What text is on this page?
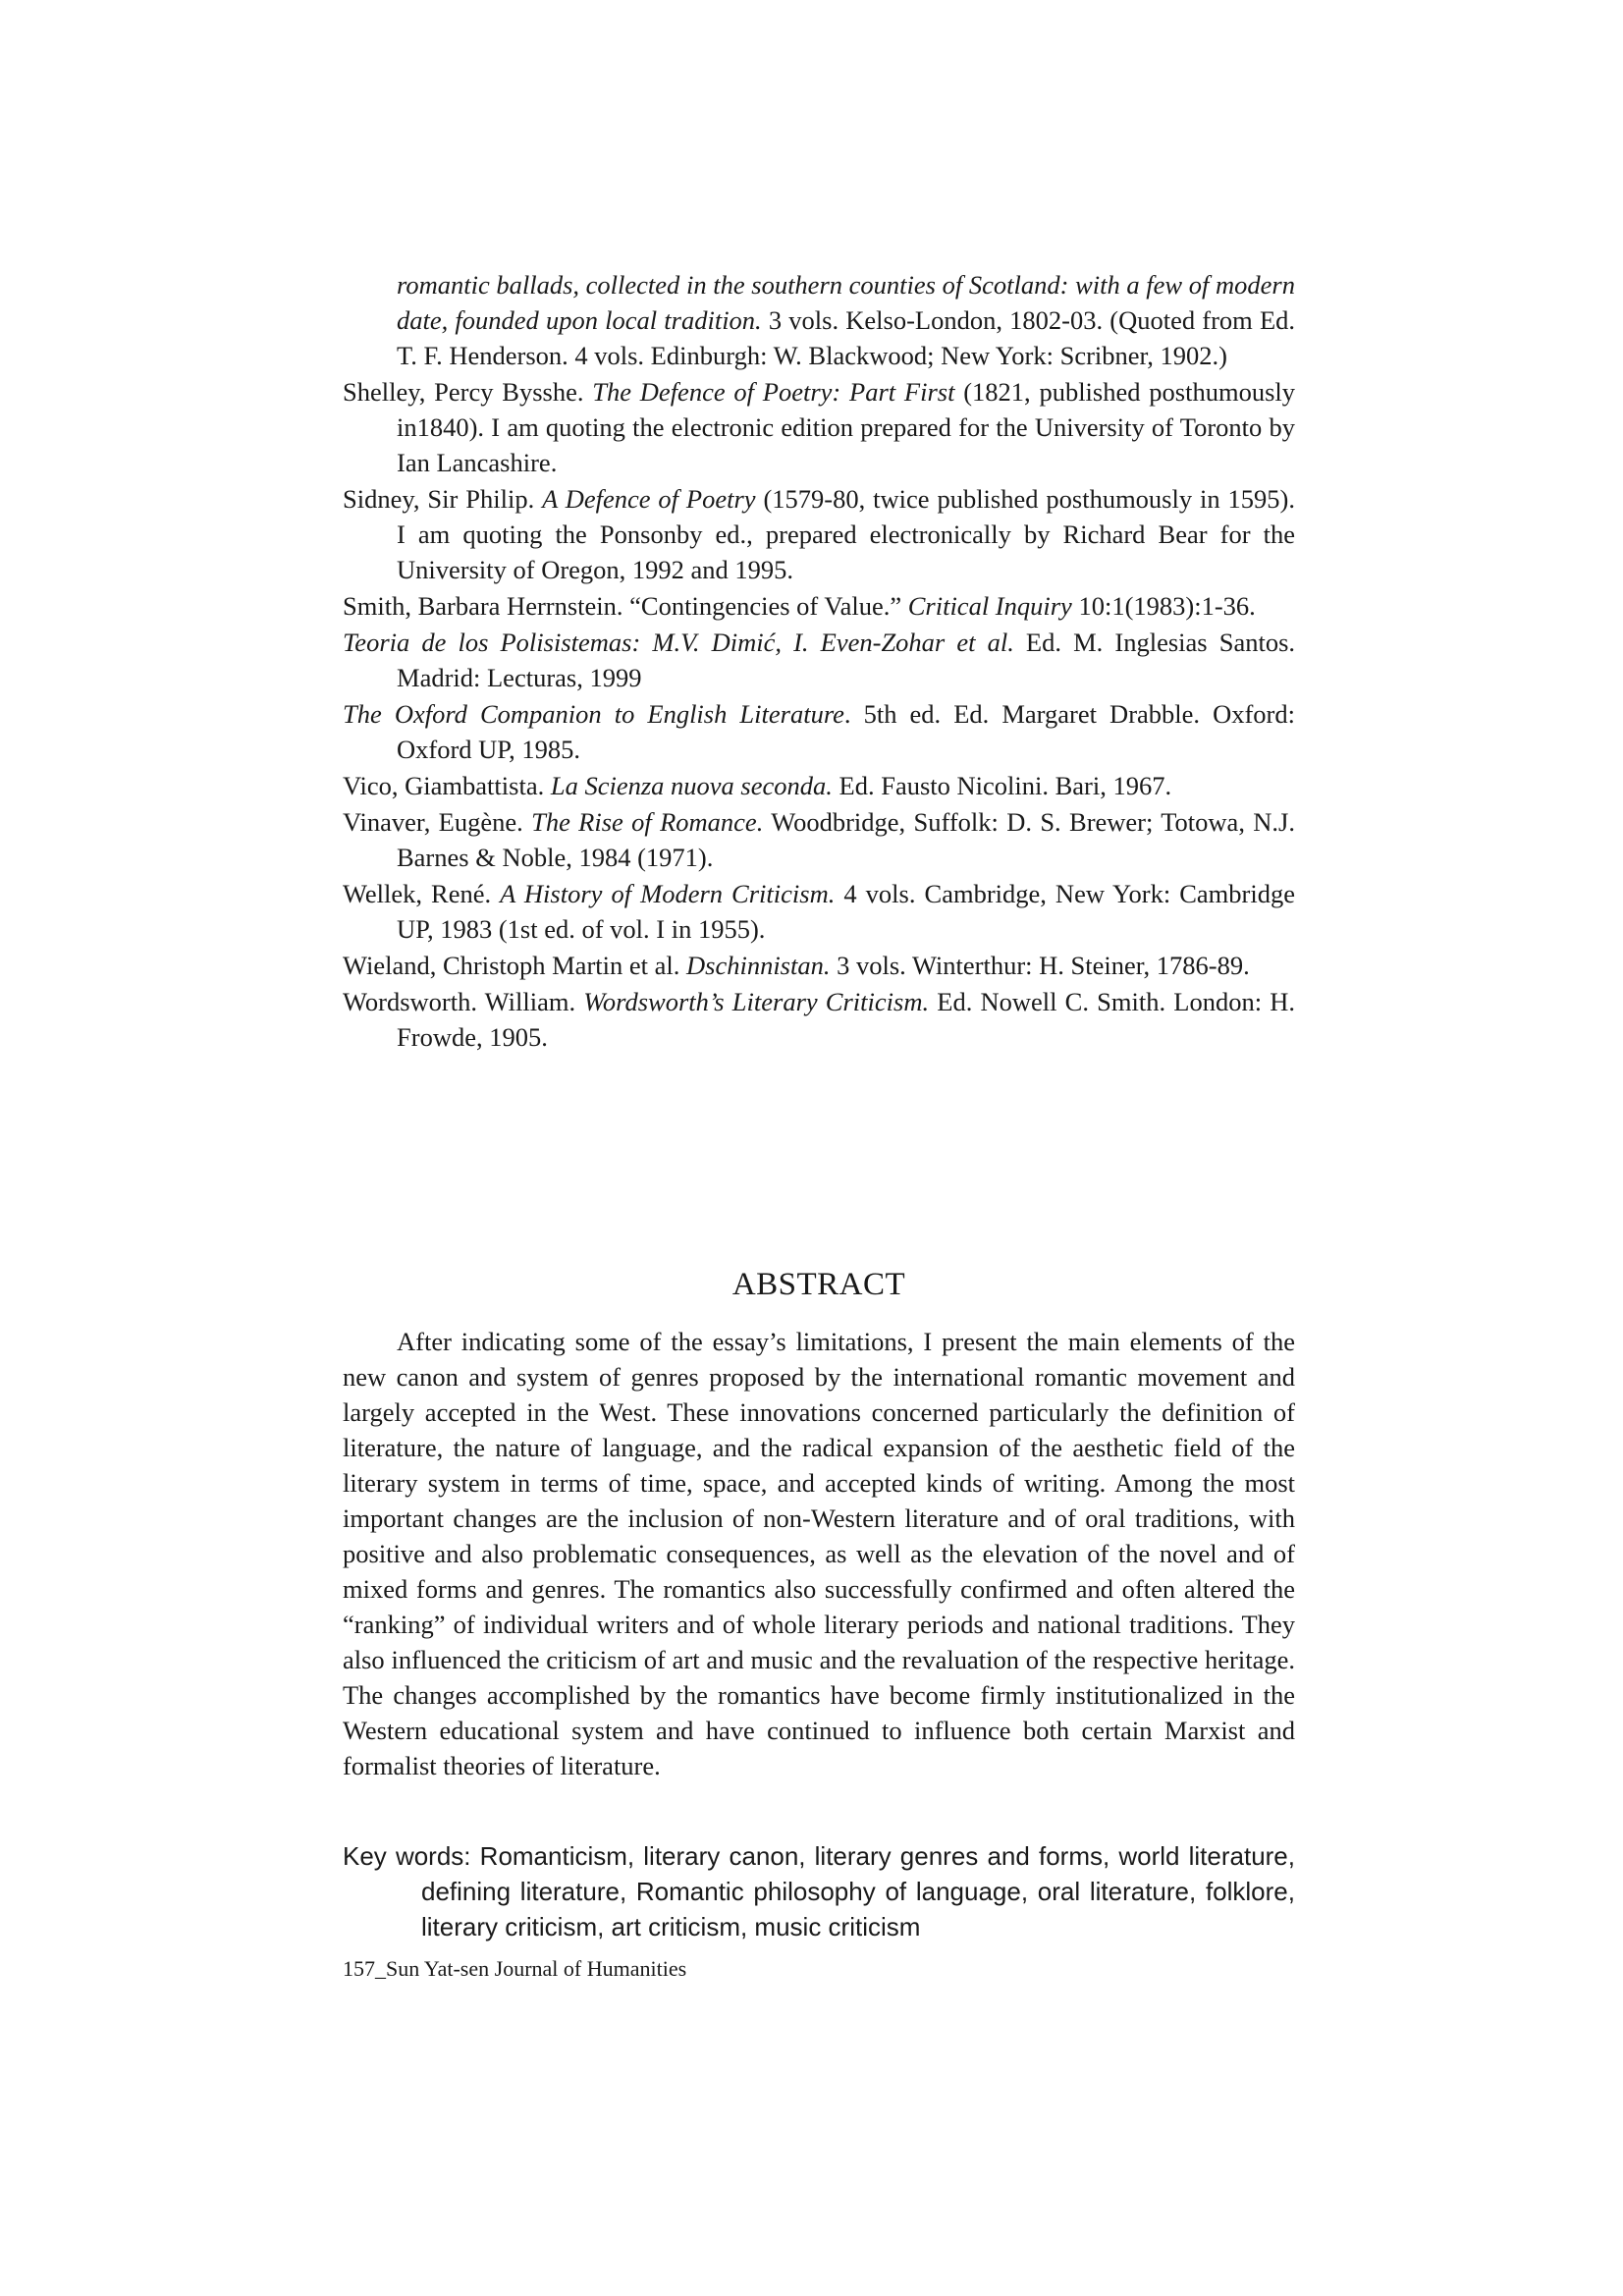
romantic ballads, collected in the southern counties of Scotland: with a few of modern date, founded upon local tradition. 3 vols. Kelso-London, 1802-03. (Quoted from Ed. T. F. Henderson. 4 vols. Edinburgh: W. Blackwood; New York: Scribner, 1902.)

Shelley, Percy Bysshe. The Defence of Poetry: Part First (1821, published posthumously in1840). I am quoting the electronic edition prepared for the University of Toronto by Ian Lancashire.

Sidney, Sir Philip. A Defence of Poetry (1579-80, twice published posthumously in 1595). I am quoting the Ponsonby ed., prepared electronically by Richard Bear for the University of Oregon, 1992 and 1995.

Smith, Barbara Herrnstein. “Contingencies of Value.” Critical Inquiry 10:1(1983):1-36.

Teoria de los Polisistemas: M.V. Dimić, I. Even-Zohar et al. Ed. M. Inglesias Santos. Madrid: Lecturas, 1999

The Oxford Companion to English Literature. 5th ed. Ed. Margaret Drabble. Oxford: Oxford UP, 1985.

Vico, Giambattista. La Scienza nuova seconda. Ed. Fausto Nicolini. Bari, 1967.

Vinaver, Eugène. The Rise of Romance. Woodbridge, Suffolk: D. S. Brewer; Totowa, N.J. Barnes & Noble, 1984 (1971).

Wellek, René. A History of Modern Criticism. 4 vols. Cambridge, New York: Cambridge UP, 1983 (1st ed. of vol. I in 1955).

Wieland, Christoph Martin et al. Dschinnistan. 3 vols. Winterthur: H. Steiner, 1786-89.

Wordsworth. William. Wordsworth’s Literary Criticism. Ed. Nowell C. Smith. London: H. Frowde, 1905.

ABSTRACT

After indicating some of the essay’s limitations, I present the main elements of the new canon and system of genres proposed by the international romantic movement and largely accepted in the West. These innovations concerned particularly the definition of literature, the nature of language, and the radical expansion of the aesthetic field of the literary system in terms of time, space, and accepted kinds of writing. Among the most important changes are the inclusion of non-Western literature and of oral traditions, with positive and also problematic consequences, as well as the elevation of the novel and of mixed forms and genres. The romantics also successfully confirmed and often altered the “ranking” of individual writers and of whole literary periods and national traditions. They also influenced the criticism of art and music and the revaluation of the respective heritage. The changes accomplished by the romantics have become firmly institutionalized in the Western educational system and have continued to influence both certain Marxist and formalist theories of literature.

Key words: Romanticism, literary canon, literary genres and forms, world literature, defining literature, Romantic philosophy of language, oral literature, folklore, literary criticism, art criticism, music criticism

157_Sun Yat-sen Journal of Humanities
